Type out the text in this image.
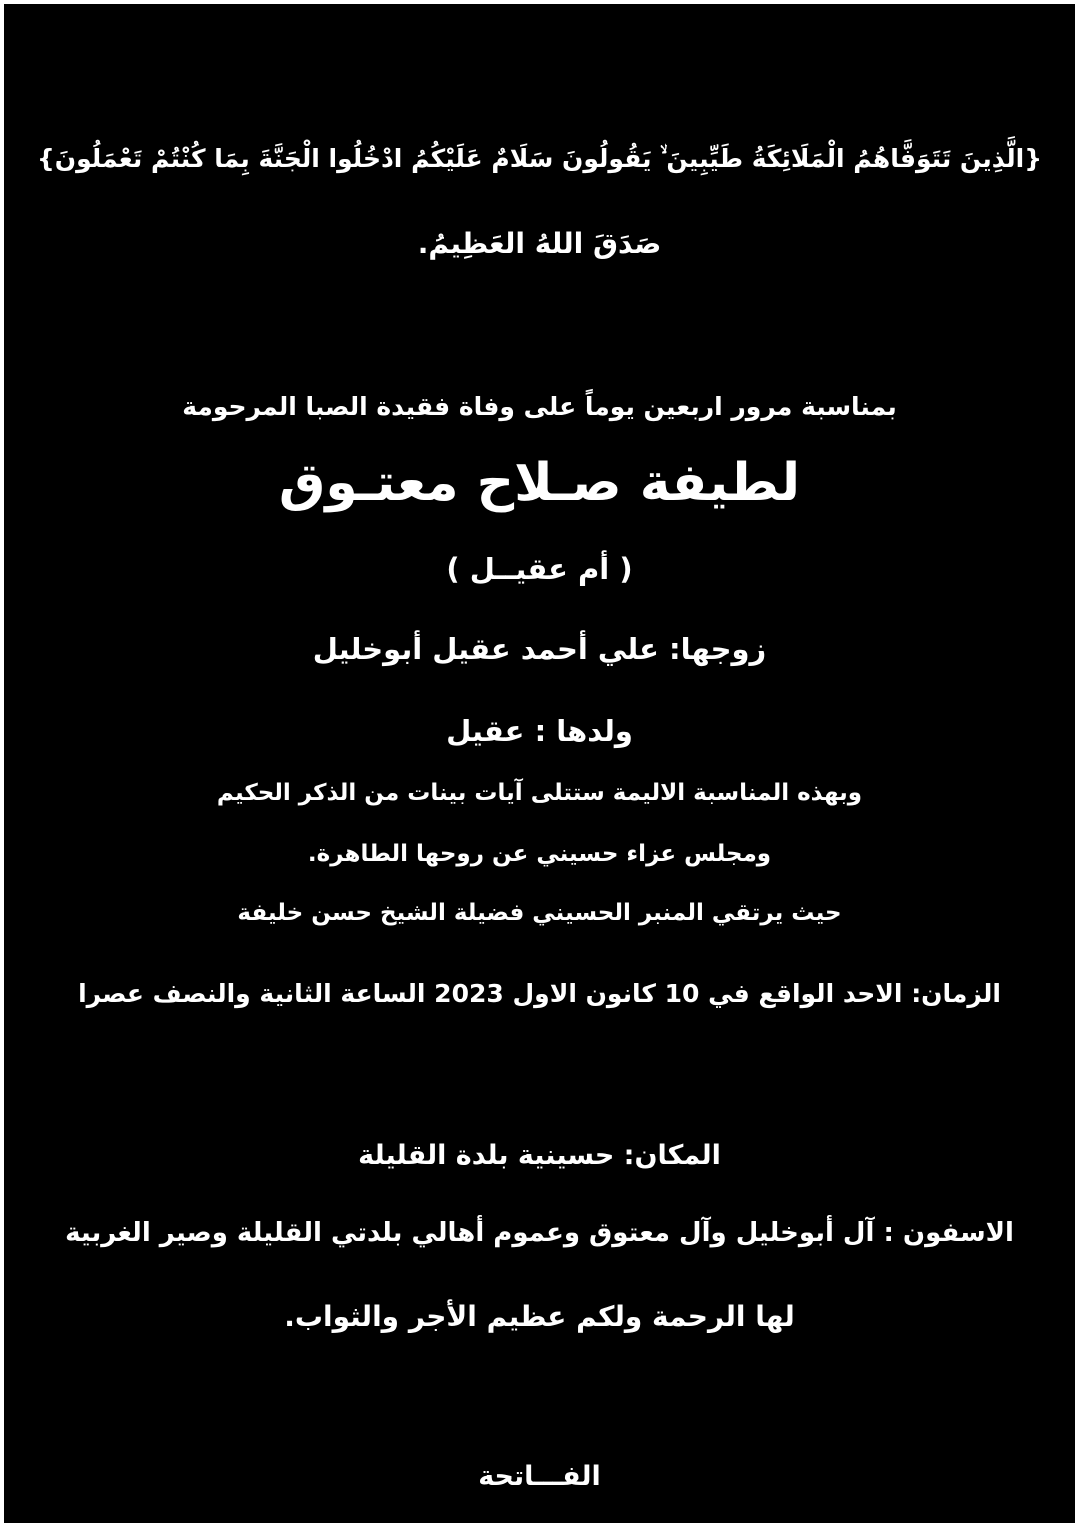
{الَّذِينَ تَتَوَفَّاهُمُ الْمَلَائِكَةُ طَيِّبِينَ ۙ يَقُولُونَ سَلَامٌ عَلَيْكُمُ ادْخُلُوا الْجَنَّةَ بِمَا كُنْتُمْ تَعْمَلُونَ}
صَدَقَ اللهُ العَظِيمُ.
بمناسبة مرور اربعين يوماً على وفاة فقيدة الصبا المرحومة
لطيفة صـلاح معتـوق
( أم عقيــل )
زوجها: علي أحمد عقيل أبوخليل
ولدها : عقيل
وبهذه المناسبة الاليمة ستتلى آيات بينات من الذكر الحكيم
ومجلس عزاء حسيني عن روحها الطاهرة.
حيث يرتقي المنبر الحسيني فضيلة الشيخ حسن خليفة
الزمان: الاحد الواقع في 10 كانون الاول 2023 الساعة الثانية والنصف عصرا
المكان: حسينية بلدة القليلة
الاسفون : آل أبوخليل وآل معتوق وعموم أهالي بلدتي القليلة وصير الغربية
لها الرحمة ولكم عظيم الأجر والثواب.
الفـــاتحة
